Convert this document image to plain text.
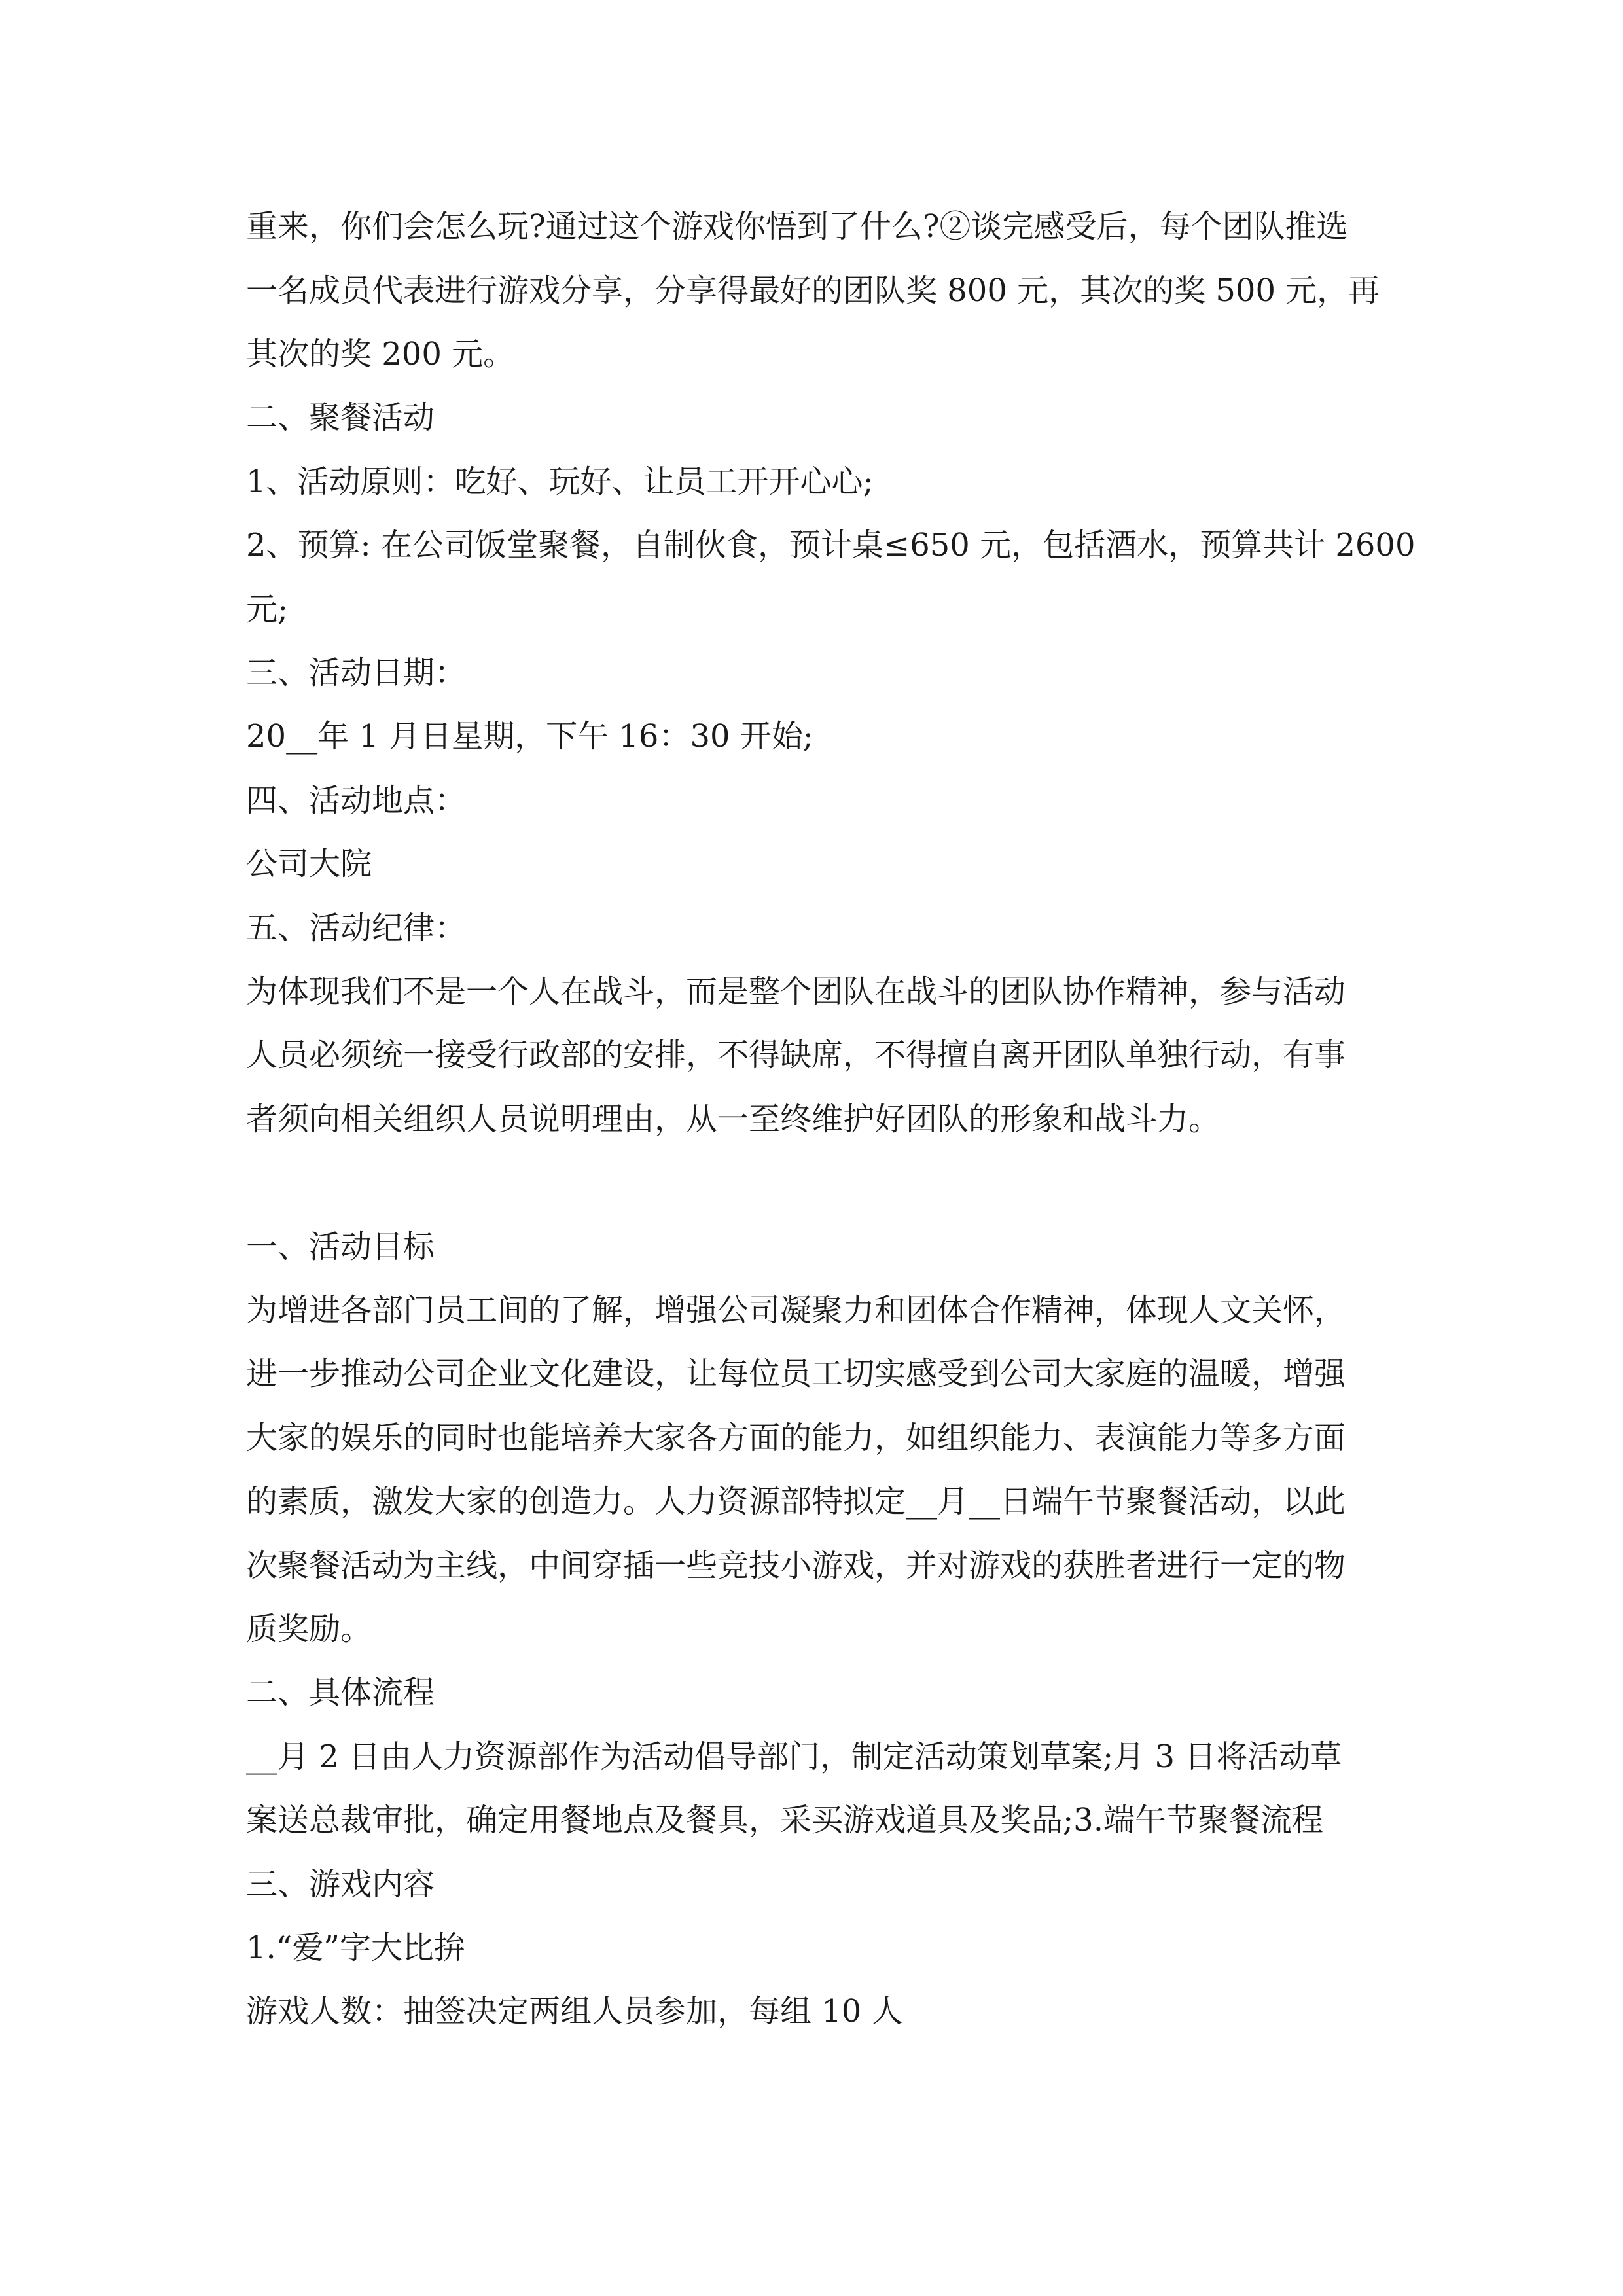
重来，你们会怎么玩?通过这个游戏你悟到了什么?②谈完感受后，每个团队推选

一名成员代表进行游戏分享，分享得最好的团队奖 800 元，其次的奖 500 元，再

其次的奖 200 元。

二、聚餐活动

1、活动原则：吃好、玩好、让员工开开心心;

2、预算: 在公司饭堂聚餐，自制伙食，预计桌≤650 元，包括酒水，预算共计 2600

元;

三、活动日期：

20__年 1 月日星期，下午 16：30 开始;

四、活动地点：

公司大院

五、活动纪律：

为体现我们不是一个人在战斗，而是整个团队在战斗的团队协作精神，参与活动

人员必须统一接受行政部的安排，不得缺席，不得擅自离开团队单独行动，有事

者须向相关组织人员说明理由，从一至终维护好团队的形象和战斗力。

一、活动目标

为增进各部门员工间的了解，增强公司凝聚力和团体合作精神，体现人文关怀，

进一步推动公司企业文化建设，让每位员工切实感受到公司大家庭的温暖，增强

大家的娱乐的同时也能培养大家各方面的能力，如组织能力、表演能力等多方面

的素质，激发大家的创造力。人力资源部特拟定__月__日端午节聚餐活动，以此

次聚餐活动为主线，中间穿插一些竞技小游戏，并对游戏的获胜者进行一定的物

质奖励。

二、具体流程

__月 2 日由人力资源部作为活动倡导部门，制定活动策划草案;月 3 日将活动草

案送总裁审批，确定用餐地点及餐具，采买游戏道具及奖品;3.端午节聚餐流程

三、游戏内容

1.“爱”字大比拚

游戏人数：抽签决定两组人员参加，每组 10 人
